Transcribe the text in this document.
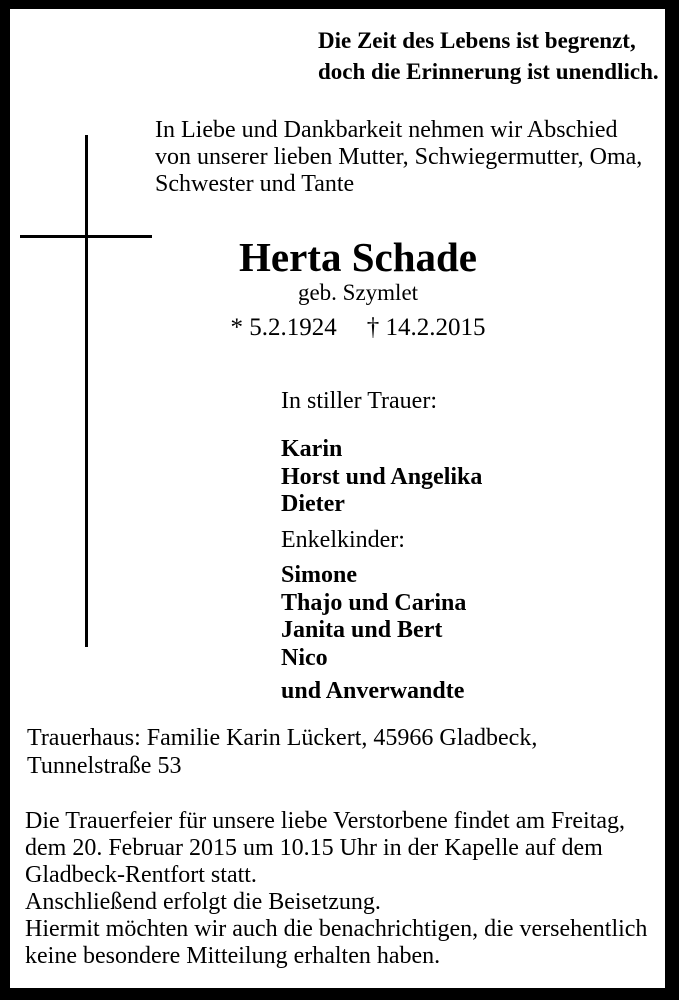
Die Zeit des Lebens ist begrenzt,
doch die Erinnerung ist unendlich.
In Liebe und Dankbarkeit nehmen wir Abschied
von unserer lieben Mutter, Schwiegermutter, Oma,
Schwester und Tante
Herta Schade
geb. Szymlet
* 5.2.1924 † 14.2.2015
In stiller Trauer:
Karin
Horst und Angelika
Dieter
Enkelkinder:
Simone
Thajo und Carina
Janita und Bert
Nico
und Anverwandte
Trauerhaus: Familie Karin Lückert, 45966 Gladbeck,
Tunnelstraße 53
Die Trauerfeier für unsere liebe Verstorbene findet am Freitag,
dem 20. Februar 2015 um 10.15 Uhr in der Kapelle auf dem
Gladbeck-Rentfort statt.
Anschließend erfolgt die Beisetzung.
Hiermit möchten wir auch die benachrichtigen, die versehentlich
keine besondere Mitteilung erhalten haben.
